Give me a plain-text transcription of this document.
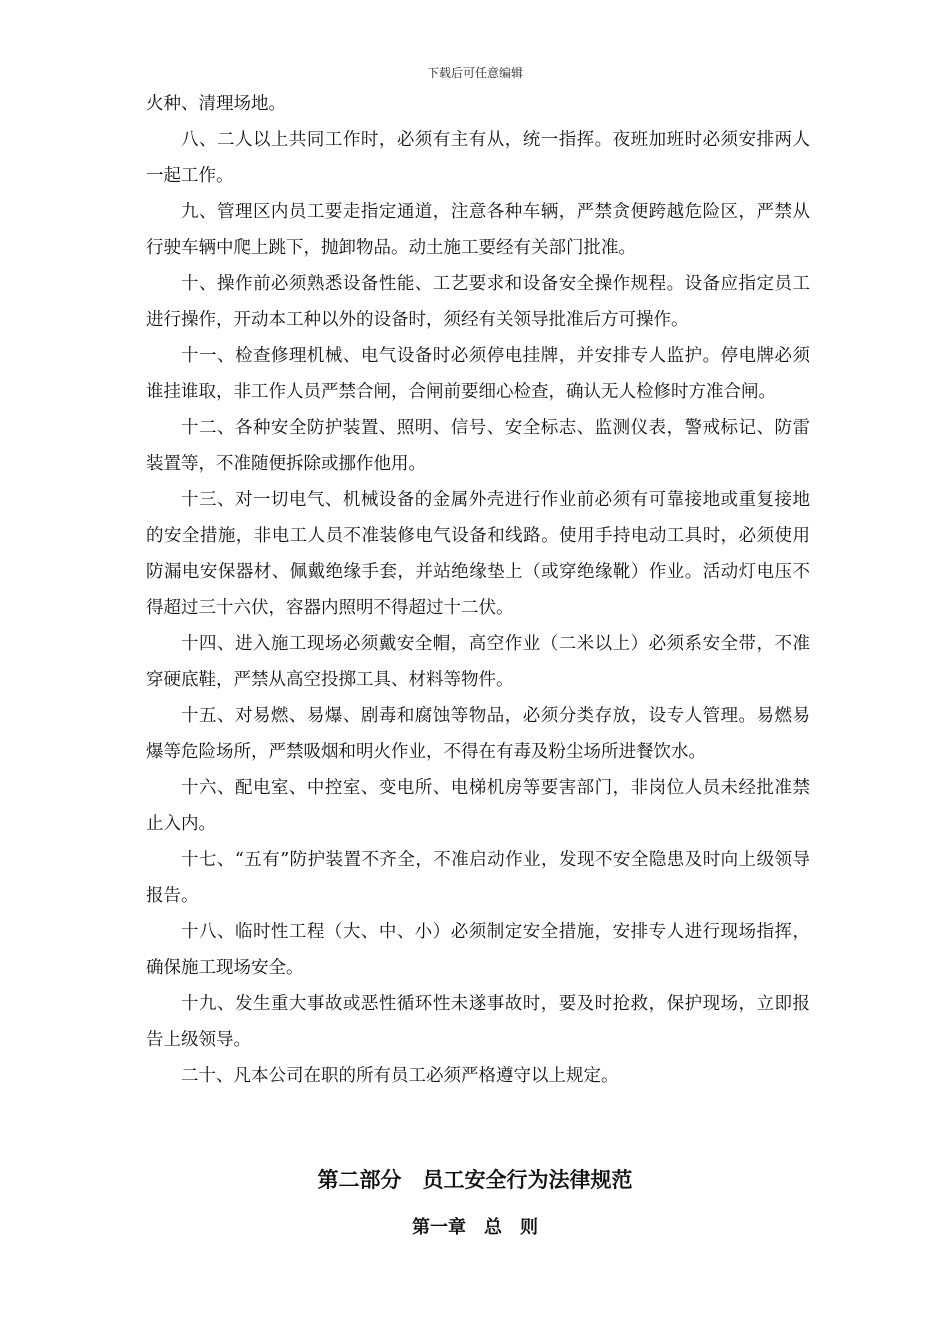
下载后可任意编辑

火种、清理场地。

八、二人以上共同工作时，必须有主有从，统一指挥。夜班加班时必须安排两人一起工作。

九、管理区内员工要走指定通道，注意各种车辆，严禁贪便跨越危险区，严禁从行驶车辆中爬上跳下，抛卸物品。动土施工要经有关部门批准。

十、操作前必须熟悉设备性能、工艺要求和设备安全操作规程。设备应指定员工进行操作，开动本工种以外的设备时，须经有关领导批准后方可操作。

十一、检查修理机械、电气设备时必须停电挂牌，并安排专人监护。停电牌必须谁挂谁取，非工作人员严禁合闸，合闸前要细心检查，确认无人检修时方准合闸。

十二、各种安全防护装置、照明、信号、安全标志、监测仪表，警戒标记、防雷装置等，不准随便拆除或挪作他用。

十三、对一切电气、机械设备的金属外壳进行作业前必须有可靠接地或重复接地的安全措施，非电工人员不准装修电气设备和线路。使用手持电动工具时，必须使用防漏电安保器材、佩戴绝缘手套，并站绝缘垫上（或穿绝缘靴）作业。活动灯电压不得超过三十六伏，容器内照明不得超过十二伏。

十四、进入施工现场必须戴安全帽，高空作业（二米以上）必须系安全带，不准穿硬底鞋，严禁从高空投掷工具、材料等物件。

十五、对易燃、易爆、剧毒和腐蚀等物品，必须分类存放，设专人管理。易燃易爆等危险场所，严禁吸烟和明火作业，不得在有毒及粉尘场所进餐饮水。

十六、配电室、中控室、变电所、电梯机房等要害部门，非岗位人员未经批准禁止入内。

十七、“五有”防护装置不齐全，不准启动作业，发现不安全隐患及时向上级领导报告。

十八、临时性工程（大、中、小）必须制定安全措施，安排专人进行现场指挥，确保施工现场安全。

十九、发生重大事故或恶性循环性未遂事故时，要及时抢救，保护现场，立即报告上级领导。

二十、凡本公司在职的所有员工必须严格遵守以上规定。

第二部分　员工安全行为法律规范
第一章　总　则
